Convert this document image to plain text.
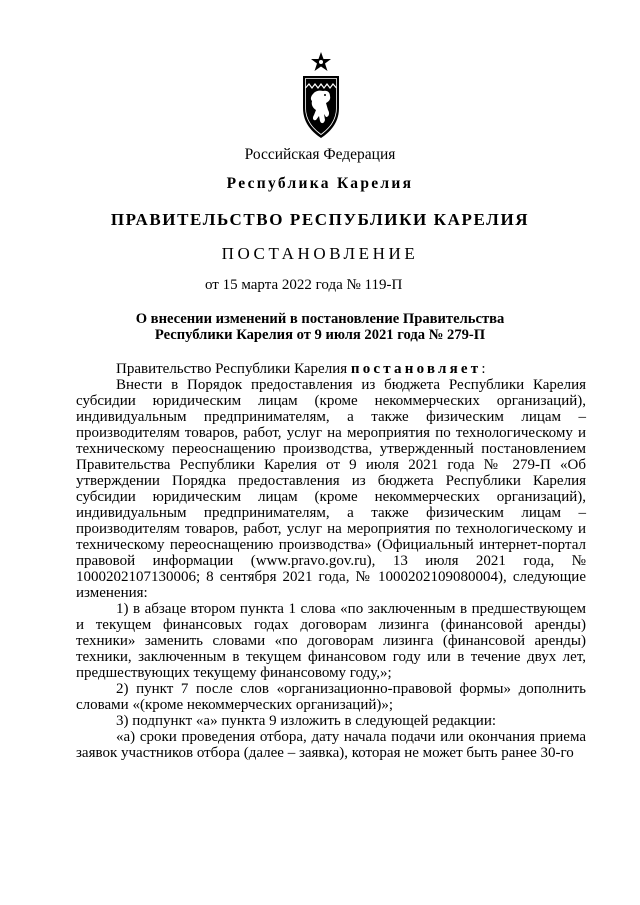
Российская Федерация
Республика Карелия
ПРАВИТЕЛЬСТВО РЕСПУБЛИКИ КАРЕЛИЯ
ПОСТАНОВЛЕНИЕ
от 15 марта 2022 года № 119-П
О внесении изменений в постановление Правительства
Республики Карелия от 9 июля 2021 года № 279-П

Правительство Республики Карелия постановляет:

Внести в Порядок предоставления из бюджета Республики Карелия субсидии юридическим лицам (кроме некоммерческих организаций), индивидуальным предпринимателям, а также физическим лицам – производителям товаров, работ, услуг на мероприятия по технологическому и техническому переоснащению производства, утвержденный постановлением Правительства Республики Карелия от 9 июля 2021 года № 279-П «Об утверждении Порядка предоставления из бюджета Республики Карелия субсидии юридическим лицам (кроме некоммерческих организаций), индивидуальным предпринимателям, а также физическим лицам – производителям товаров, работ, услуг на мероприятия по технологическому и техническому переоснащению производства» (Официальный интернет-портал правовой информации (www.pravo.gov.ru), 13 июля 2021 года, № 1000202107130006; 8 сентября 2021 года, № 1000202109080004), следующие изменения:

1) в абзаце втором пункта 1 слова «по заключенным в предшествующем и текущем финансовых годах договорам лизинга (финансовой аренды) техники» заменить словами «по договорам лизинга (финансовой аренды) техники, заключенным в текущем финансовом году или в течение двух лет, предшествующих текущему финансовому году,»;

2) пункт 7 после слов «организационно-правовой формы» дополнить словами «(кроме некоммерческих организаций)»;

3) подпункт «а» пункта 9 изложить в следующей редакции:

«а) сроки проведения отбора, дату начала подачи или окончания приема заявок участников отбора (далее – заявка), которая не может быть ранее 30-го
